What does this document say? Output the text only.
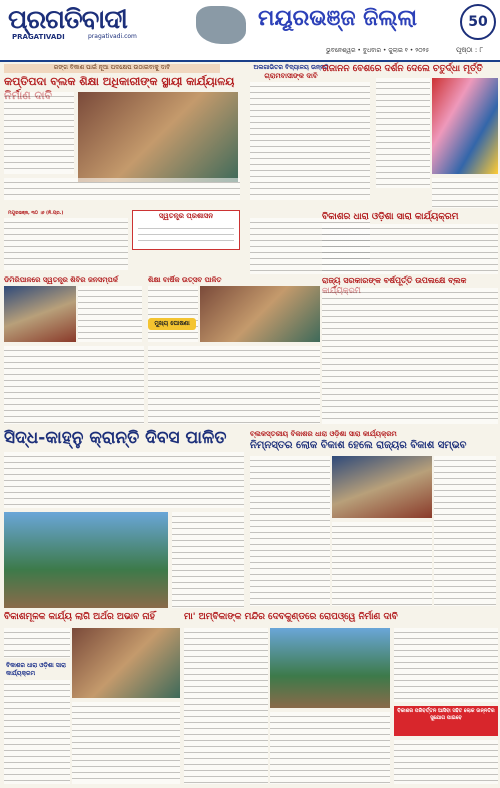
ପ୍ରଗତିବାଦୀ
PRAGATIVADI	pragativadi.com
ମୟୂରଭଞ୍ଜ ଜିଲ୍ଲା	50
ଭୁବନେଶ୍ୱର • ବୁଧବାର • ଜୁଲାଇ ୧ • ୨୦୨୫	ପୃଷ୍ଠା : ୮
ରଙ୍ଗ ବିକାଶ ପାଇଁ ନୂଆ ପଦକ୍ଷେପ ଉଠାଇବାକୁ ଦାବି
କପ୍ତିପଦା ବ୍ଲକ ଶିକ୍ଷା ଅଧିକାରୀଙ୍କ ସ୍ଥାୟୀ କାର୍ଯ୍ୟାଳୟ
ମୟୂରଭଞ୍ଜ, ୩୦ ।୬ (ନି.ପ୍ର.)	ସ୍ୱତନ୍ତ୍ର ପ୍ରଶାସନ
ଅଲଗାଭିତର ବିଦ୍ୟାଳୟ ଉନ୍ନତି
ଗ୍ରାମବାସୀଙ୍କ ଦାବି
ଗଜାନନ ବେଶରେ ଦର୍ଶନ ଦେଲେ ଚତୁର୍ଦ୍ଧା ମୂର୍ତ୍ତି
ବିକାଶର ଧାରା ଓଡ଼ିଶା ସାରା କାର୍ଯ୍ୟକ୍ରମ
ଡିମିରିପାଳରେ ସ୍ୱତନ୍ତ୍ର ଶିବିର ଜନସମ୍ପର୍କ	ଶିକ୍ଷା ବାର୍ଷିକ ଉତ୍ସବ ପାଳିତ
ମୁଖ୍ୟ ଘୋଷଣା
ରାଜ୍ୟ ସରକାରଙ୍କ ବର୍ଷପୂର୍ତ୍ତି ଉପଲକ୍ଷେ ବ୍ଲକ
ସିଦ୍ଧ-କାହ୍ନୁ କ୍ରାନ୍ତି ଦିବସ ପାଳିତ	ବ୍ଲକସ୍ତରୀୟ ବିକାଶର ଧାରା ଓଡ଼ିଶା ସାରା କାର୍ଯ୍ୟକ୍ରମ
ନିମ୍ନସ୍ତର ଲୋକ ବିକାଶ ହେଲେ ରାଜ୍ୟର ବିକାଶ ସମ୍ଭବ
ବିକାଶମୂଳକ କାର୍ଯ୍ୟ ଲାଗି ଅର୍ଥର ଅଭାବ ନାହିଁ
ବିକାଶର ଧାରା ଓଡ଼ିଶା ସାରା କାର୍ଯ୍ୟକ୍ରମ
ମା' ଅମ୍ବିକାଙ୍କ ମନ୍ଦିର ଦେବକୁଣ୍ଡରେ ରୋପଓ୍ୱେ ନିର୍ମାଣ ଦାବି
ବିକାଶର ପରିବର୍ତ୍ତନ ଆସିବା ସହିତ ଲୋକ ଉନ୍ନତିର ସୁଯୋଗ ପାଇବେ
